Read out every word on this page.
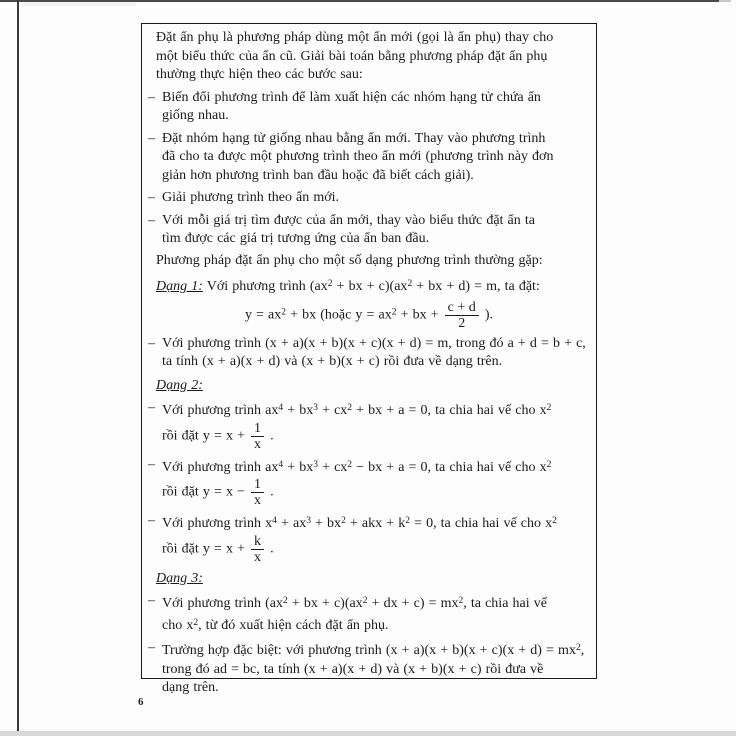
Đặt ẩn phụ là phương pháp dùng một ẩn mới (gọi là ẩn phụ) thay cho
một biểu thức của ẩn cũ. Giải bài toán bằng phương pháp đặt ẩn phụ
thường thực hiện theo các bước sau:
– Biến đổi phương trình để làm xuất hiện các nhóm hạng tử chứa ẩn
giống nhau.
– Đặt nhóm hạng tử giống nhau bằng ẩn mới. Thay vào phương trình
đã cho ta được một phương trình theo ẩn mới (phương trình này đơn
giản hơn phương trình ban đầu hoặc đã biết cách giải).
– Giải phương trình theo ẩn mới.
– Với mỗi giá trị tìm được của ẩn mới, thay vào biểu thức đặt ẩn ta
tìm được các giá trị tương ứng của ẩn ban đầu.
Phương pháp đặt ẩn phụ cho một số dạng phương trình thường gặp:
Dạng 1: Với phương trình ($ax^2$ + bx + $c)(ax^2$ + bx + d) = m, ta đặt:
$y = ax^2$ + bx (hoặc $y = ax^2$ + bx + $\frac{c + d}{2}$ ).
– Với phương trình (x + a)(x + b)(x + c)(x + d) = m, trong đó a + d = b + c,
ta tính (x + a)(x + d) và (x + b)(x + c) rồi đưa về dạng trên.
Dạng 2:
– Với phương trình $ax^4 + bx^3 + cx^2$ + bx + a = 0, ta chia hai vế cho $x^2$
rồi đặt $y = x + \frac{1}{x}$ .
– Với phương trình $ax^4 + bx^3 + cx^2$ − bx + a = 0, ta chia hai vế cho $x^2$
rồi đặt $y = x - \frac{1}{x}$ .
– Với phương trình $x^4 + ax^3 + bx^2$ + akx + $k^2 = 0$, ta chia hai vế cho $x^2$
rồi đặt $y = x + \frac{k}{x}$ .
Dạng 3:
– Với phương trình ($ax^2$ + bx + $c)(ax^2$ + dx + $c) = mx^2$, ta chia hai vế
cho $x^2$, từ đó xuất hiện cách đặt ẩn phụ.
– Trường hợp đặc biệt: với phương trình $(x + a)(x + b)(x + c)(x + d) = mx^2$,
trong đó ad = bc, ta tính (x + a)(x + d) và (x + b)(x + c) rồi đưa về
dạng trên.
6
